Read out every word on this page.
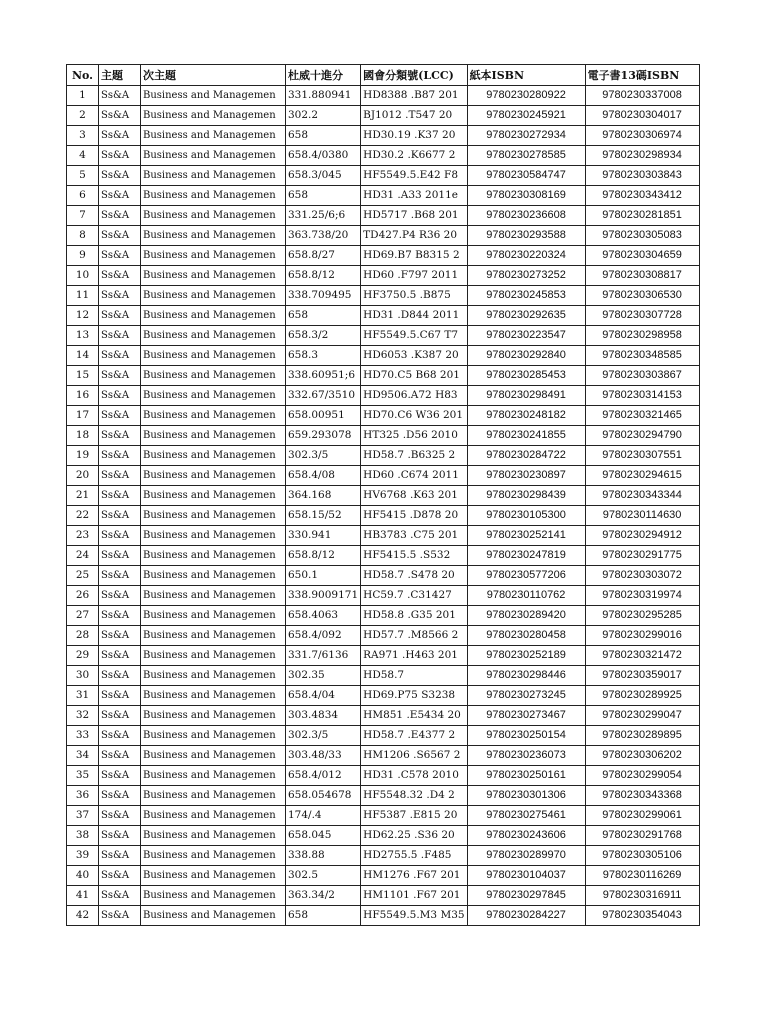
No.	主題	次主題	杜威十進分	國會分類號(LCC)	紙本ISBN	電子書13碼ISBN
1	Ss&A	Business and Managemen	331.880941	HD8388 .B87 201	9780230280922	9780230337008
2	Ss&A	Business and Managemen	302.2	BJ1012 .T547 20	9780230245921	9780230304017
3	Ss&A	Business and Managemen	658	HD30.19 .K37 20	9780230272934	9780230306974
4	Ss&A	Business and Managemen	658.4/0380	HD30.2 .K6677 2	9780230278585	9780230298934
5	Ss&A	Business and Managemen	658.3/045	HF5549.5.E42 F8	9780230584747	9780230303843
6	Ss&A	Business and Managemen	658	HD31 .A33 2011e	9780230308169	9780230343412
7	Ss&A	Business and Managemen	331.25/6;6	HD5717 .B68 201	9780230236608	9780230281851
8	Ss&A	Business and Managemen	363.738/20	TD427.P4 R36 20	9780230293588	9780230305083
9	Ss&A	Business and Managemen	658.8/27	HD69.B7 B8315 2	9780230220324	9780230304659
10	Ss&A	Business and Managemen	658.8/12	HD60 .F797 2011	9780230273252	9780230308817
11	Ss&A	Business and Managemen	338.709495	HF3750.5 .B875	9780230245853	9780230306530
12	Ss&A	Business and Managemen	658	HD31 .D844 2011	9780230292635	9780230307728
13	Ss&A	Business and Managemen	658.3/2	HF5549.5.C67 T7	9780230223547	9780230298958
14	Ss&A	Business and Managemen	658.3	HD6053 .K387 20	9780230292840	9780230348585
15	Ss&A	Business and Managemen	338.60951;6	HD70.C5 B68 201	9780230285453	9780230303867
16	Ss&A	Business and Managemen	332.67/3510	HD9506.A72 H83	9780230298491	9780230314153
17	Ss&A	Business and Managemen	658.00951	HD70.C6 W36 201	9780230248182	9780230321465
18	Ss&A	Business and Managemen	659.293078	HT325 .D56 2010	9780230241855	9780230294790
19	Ss&A	Business and Managemen	302.3/5	HD58.7 .B6325 2	9780230284722	9780230307551
20	Ss&A	Business and Managemen	658.4/08	HD60 .C674 2011	9780230230897	9780230294615
21	Ss&A	Business and Managemen	364.168	HV6768 .K63 201	9780230298439	9780230343344
22	Ss&A	Business and Managemen	658.15/52	HF5415 .D878 20	9780230105300	9780230114630
23	Ss&A	Business and Managemen	330.941	HB3783 .C75 201	9780230252141	9780230294912
24	Ss&A	Business and Managemen	658.8/12	HF5415.5 .S532	9780230247819	9780230291775
25	Ss&A	Business and Managemen	650.1	HD58.7 .S478 20	9780230577206	9780230303072
26	Ss&A	Business and Managemen	338.9009171	HC59.7 .C31427	9780230110762	9780230319974
27	Ss&A	Business and Managemen	658.4063	HD58.8 .G35 201	9780230289420	9780230295285
28	Ss&A	Business and Managemen	658.4/092	HD57.7 .M8566 2	9780230280458	9780230299016
29	Ss&A	Business and Managemen	331.7/6136	RA971 .H463 201	9780230252189	9780230321472
30	Ss&A	Business and Managemen	302.35	HD58.7	9780230298446	9780230359017
31	Ss&A	Business and Managemen	658.4/04	HD69.P75 S3238	9780230273245	9780230289925
32	Ss&A	Business and Managemen	303.4834	HM851 .E5434 20	9780230273467	9780230299047
33	Ss&A	Business and Managemen	302.3/5	HD58.7 .E4377 2	9780230250154	9780230289895
34	Ss&A	Business and Managemen	303.48/33	HM1206 .S6567 2	9780230236073	9780230306202
35	Ss&A	Business and Managemen	658.4/012	HD31 .C578 2010	9780230250161	9780230299054
36	Ss&A	Business and Managemen	658.054678	HF5548.32 .D4 2	9780230301306	9780230343368
37	Ss&A	Business and Managemen	174/.4	HF5387 .E815 20	9780230275461	9780230299061
38	Ss&A	Business and Managemen	658.045	HD62.25 .S36 20	9780230243606	9780230291768
39	Ss&A	Business and Managemen	338.88	HD2755.5 .F485	9780230289970	9780230305106
40	Ss&A	Business and Managemen	302.5	HM1276 .F67 201	9780230104037	9780230116269
41	Ss&A	Business and Managemen	363.34/2	HM1101 .F67 201	9780230297845	9780230316911
42	Ss&A	Business and Managemen	658	HF5549.5.M3 M35	9780230284227	9780230354043
